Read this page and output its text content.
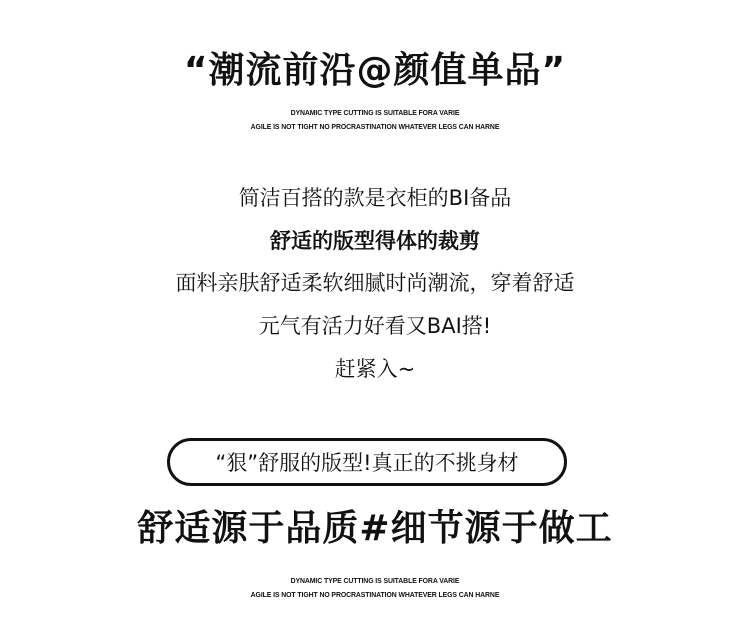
“潮流前沿@颜值单品”
DYNAMIC TYPE CUTTING IS SUITABLE FORA VARIE
AGILE IS NOT TIGHT NO PROCRASTINATION WHATEVER LEGS CAN HARNE
简洁百搭的款是衣柜的BI备品
舒适的版型得体的裁剪
面料亲肤舒适柔软细腻时尚潮流，穿着舒适
元气有活力好看又BAI搭!
赶紧入~
“狠”舒服的版型!真正的不挑身材
舒适源于品质#细节源于做工
DYNAMIC TYPE CUTTING IS SUITABLE FORA VARIE
AGILE IS NOT TIGHT NO PROCRASTINATION WHATEVER LEGS CAN HARNE
